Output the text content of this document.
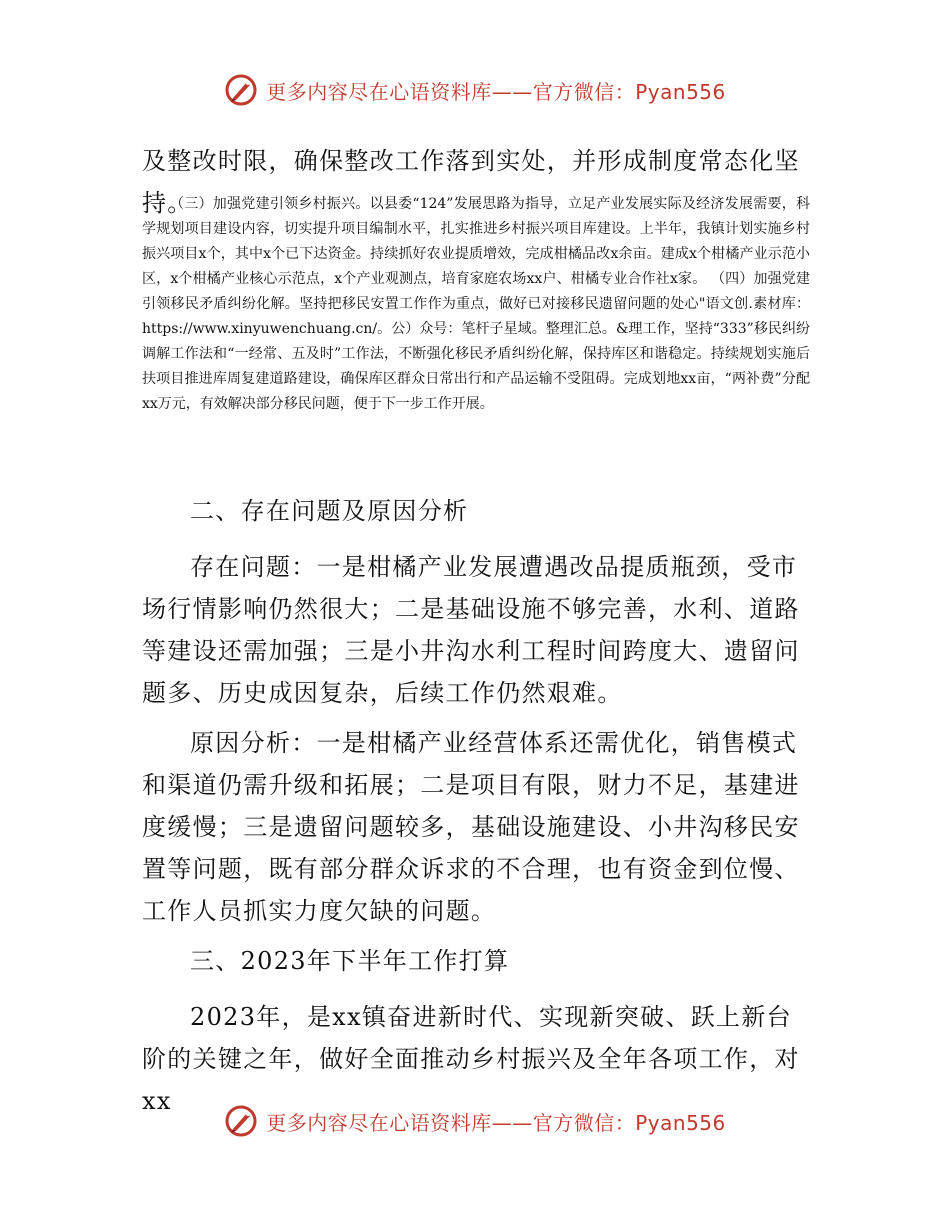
更多内容尽在心语资料库——官方微信：Pyan556

及整改时限，确保整改工作落到实处，并形成制度常态化坚持。

（三）加强党建引领乡村振兴。以县委“124”发展思路为指导，立足产业发展实际及经济发展需要，科学规划项目建设内容，切实提升项目编制水平，扎实推进乡村振兴项目库建设。上半年，我镇计划实施乡村振兴项目x个，其中x个已下达资金。持续抓好农业提质增效，完成柑橘品改x余亩。建成x个柑橘产业示范小区，x个柑橘产业核心示范点，x个产业观测点，培育家庭农场xx户、柑橘专业合作社x家。 （四）加强党建引领移民矛盾纠纷化解。坚持把移民安置工作作为重点，做好已对接移民遗留问题的处心"语文创.素材库：https://www.xinyuwenchuang.cn/。公）众号：笔杆子星域。整理汇总。&理工作，坚持“333”移民纠纷调解工作法和“一经常、五及时”工作法，不断强化移民矛盾纠纷化解，保持库区和谐稳定。持续规划实施后扶项目推进库周复建道路建设，确保库区群众日常出行和产品运输不受阻碍。完成划地xx亩，“两补费”分配xx万元，有效解决部分移民问题，便于下一步工作开展。

二、存在问题及原因分析

存在问题：一是柑橘产业发展遭遇改品提质瓶颈，受市场行情影响仍然很大；二是基础设施不够完善，水利、道路等建设还需加强；三是小井沟水利工程时间跨度大、遗留问题多、历史成因复杂，后续工作仍然艰难。

原因分析：一是柑橘产业经营体系还需优化，销售模式和渠道仍需升级和拓展；二是项目有限，财力不足，基建进度缓慢；三是遗留问题较多，基础设施建设、小井沟移民安置等问题，既有部分群众诉求的不合理，也有资金到位慢、工作人员抓实力度欠缺的问题。

三、2023年下半年工作打算

2023年，是xx镇奋进新时代、实现新突破、跃上新台阶的关键之年，做好全面推动乡村振兴及全年各项工作，对xx

更多内容尽在心语资料库——官方微信：Pyan556
